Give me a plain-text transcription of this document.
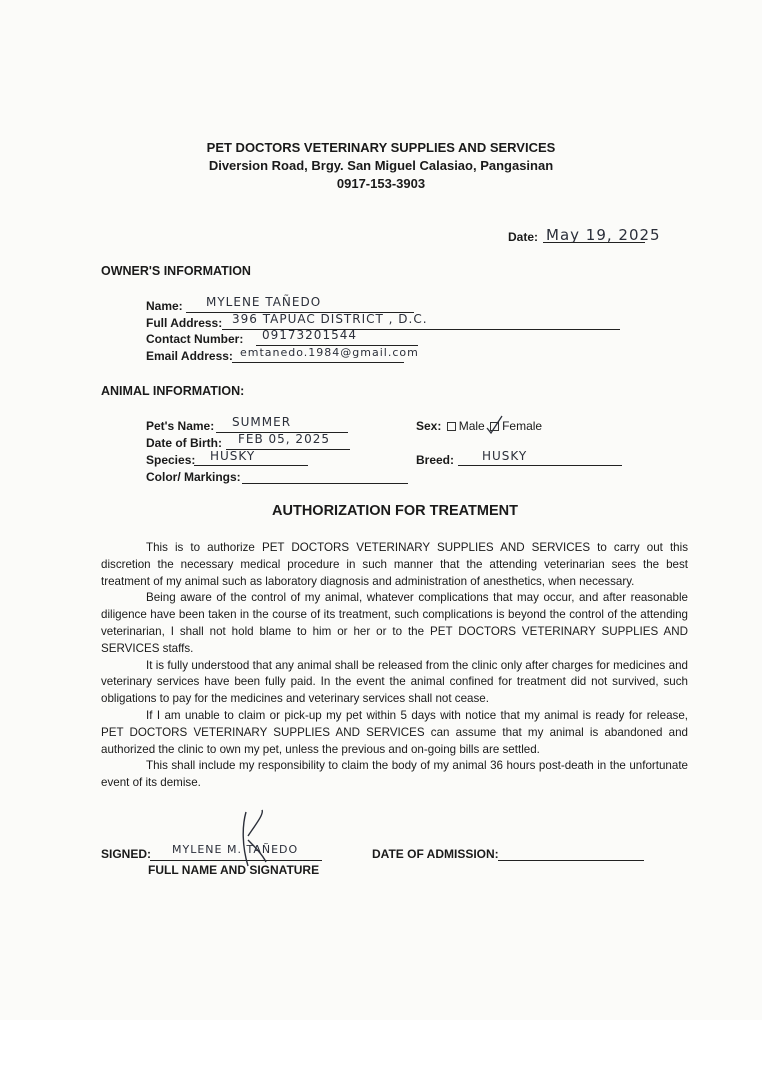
PET DOCTORS VETERINARY SUPPLIES AND SERVICES
Diversion Road, Brgy. San Miguel Calasiao, Pangasinan
0917-153-3903
Date: May 19, 2025
OWNER'S INFORMATION
Name: MYLENE TAÑEDO
Full Address: 396 TAPUAC DISTRICT , D.C.
Contact Number: 09173201544
Email Address: emtanedo.1984@gmail.com
ANIMAL INFORMATION:
Pet's Name: SUMMER
Date of Birth: FEB 05, 2025
Species: HUSKY
Color/ Markings:
Sex: Male Female
Breed: HUSKY
AUTHORIZATION FOR TREATMENT

This is to authorize PET DOCTORS VETERINARY SUPPLIES AND SERVICES to carry out this discretion the necessary medical procedure in such manner that the attending veterinarian sees the best treatment of my animal such as laboratory diagnosis and administration of anesthetics, when necessary.

Being aware of the control of my animal, whatever complications that may occur, and after reasonable diligence have been taken in the course of its treatment, such complications is beyond the control of the attending veterinarian, I shall not hold blame to him or her or to the PET DOCTORS VETERINARY SUPPLIES AND SERVICES staffs.

It is fully understood that any animal shall be released from the clinic only after charges for medicines and veterinary services have been fully paid. In the event the animal confined for treatment did not survived, such obligations to pay for the medicines and veterinary services shall not cease.

If I am unable to claim or pick-up my pet within 5 days with notice that my animal is ready for release, PET DOCTORS VETERINARY SUPPLIES AND SERVICES can assume that my animal is abandoned and authorized the clinic to own my pet, unless the previous and on-going bills are settled.

This shall include my responsibility to claim the body of my animal 36 hours post-death in the unfortunate event of its demise.

SIGNED: MYLENE M. TAÑEDO
FULL NAME AND SIGNATURE
DATE OF ADMISSION:
